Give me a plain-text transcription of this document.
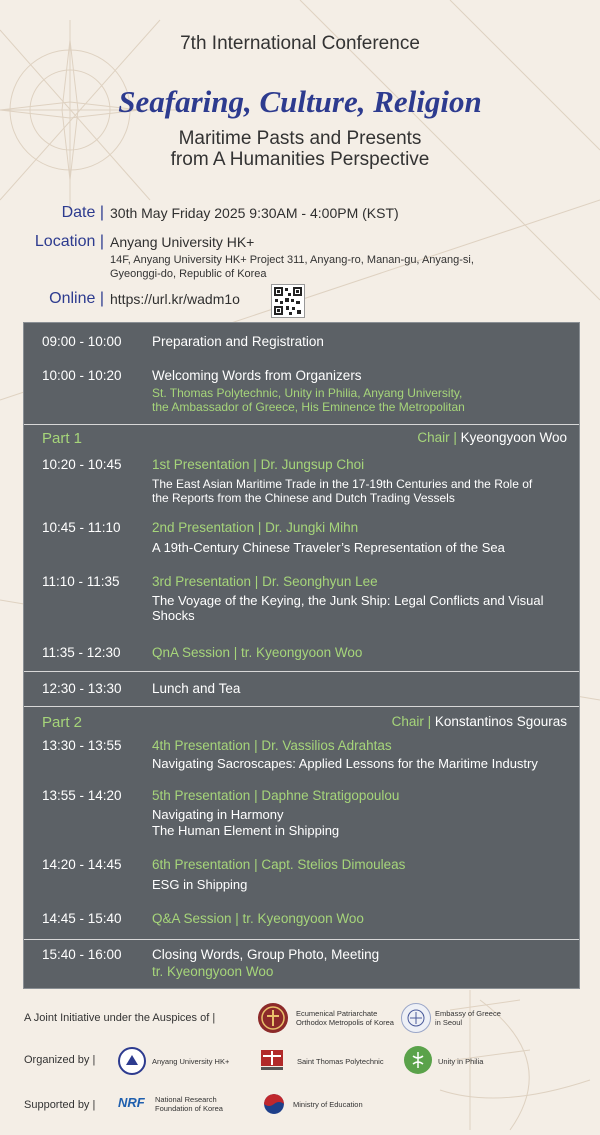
7th International Conference
Seafaring, Culture, Religion
Maritime Pasts and Presents
from A Humanities Perspective
Date | 30th May Friday 2025 9:30AM - 4:00PM (KST)
Location | Anyang University HK+
14F, Anyang University HK+ Project 311, Anyang-ro, Manan-gu, Anyang-si,
Gyeonggi-do, Republic of Korea
Online | https://url.kr/wadm1o
09:00 - 10:00 Preparation and Registration
10:00 - 10:20 Welcoming Words from Organizers
St. Thomas Polytechnic, Unity in Philia, Anyang University,
the Ambassador of Greece, His Eminence the Metropolitan
Part 1	Chair | Kyeongyoon Woo
10:20 - 10:45 1st Presentation | Dr. Jungsup Choi
The East Asian Maritime Trade in the 17-19th Centuries and the Role of
the Reports from the Chinese and Dutch Trading Vessels
10:45 - 11:10 2nd Presentation | Dr. Jungki Mihn
A 19th-Century Chinese Traveler’s Representation of the Sea
11:10 - 11:35 3rd Presentation | Dr. Seonghyun Lee
The Voyage of the Keying, the Junk Ship: Legal Conflicts and Visual
Shocks
11:35 - 12:30 QnA Session | tr. Kyeongyoon Woo
12:30 - 13:30 Lunch and Tea
Part 2	Chair | Konstantinos Sgouras
13:30 - 13:55 4th Presentation | Dr. Vassilios Adrahtas
Navigating Sacroscapes: Applied Lessons for the Maritime Industry
13:55 - 14:20 5th Presentation | Daphne Stratigopoulou
Navigating in Harmony
The Human Element in Shipping
14:20 - 14:45 6th Presentation | Capt. Stelios Dimouleas
ESG in Shipping
14:45 - 15:40 Q&A Session | tr. Kyeongyoon Woo
15:40 - 16:00 Closing Words, Group Photo, Meeting
tr. Kyeongyoon Woo
A Joint Initiative under the Auspices of |	Ecumenical Patriarchate
Orthodox Metropolis of Korea
Embassy of Greece
in Seoul
Organized by |	Anyang University HK+	Saint Thomas Polytechnic	Unity in Philia
Supported by | NRF National Research
Foundation of Korea	Ministry of Education
